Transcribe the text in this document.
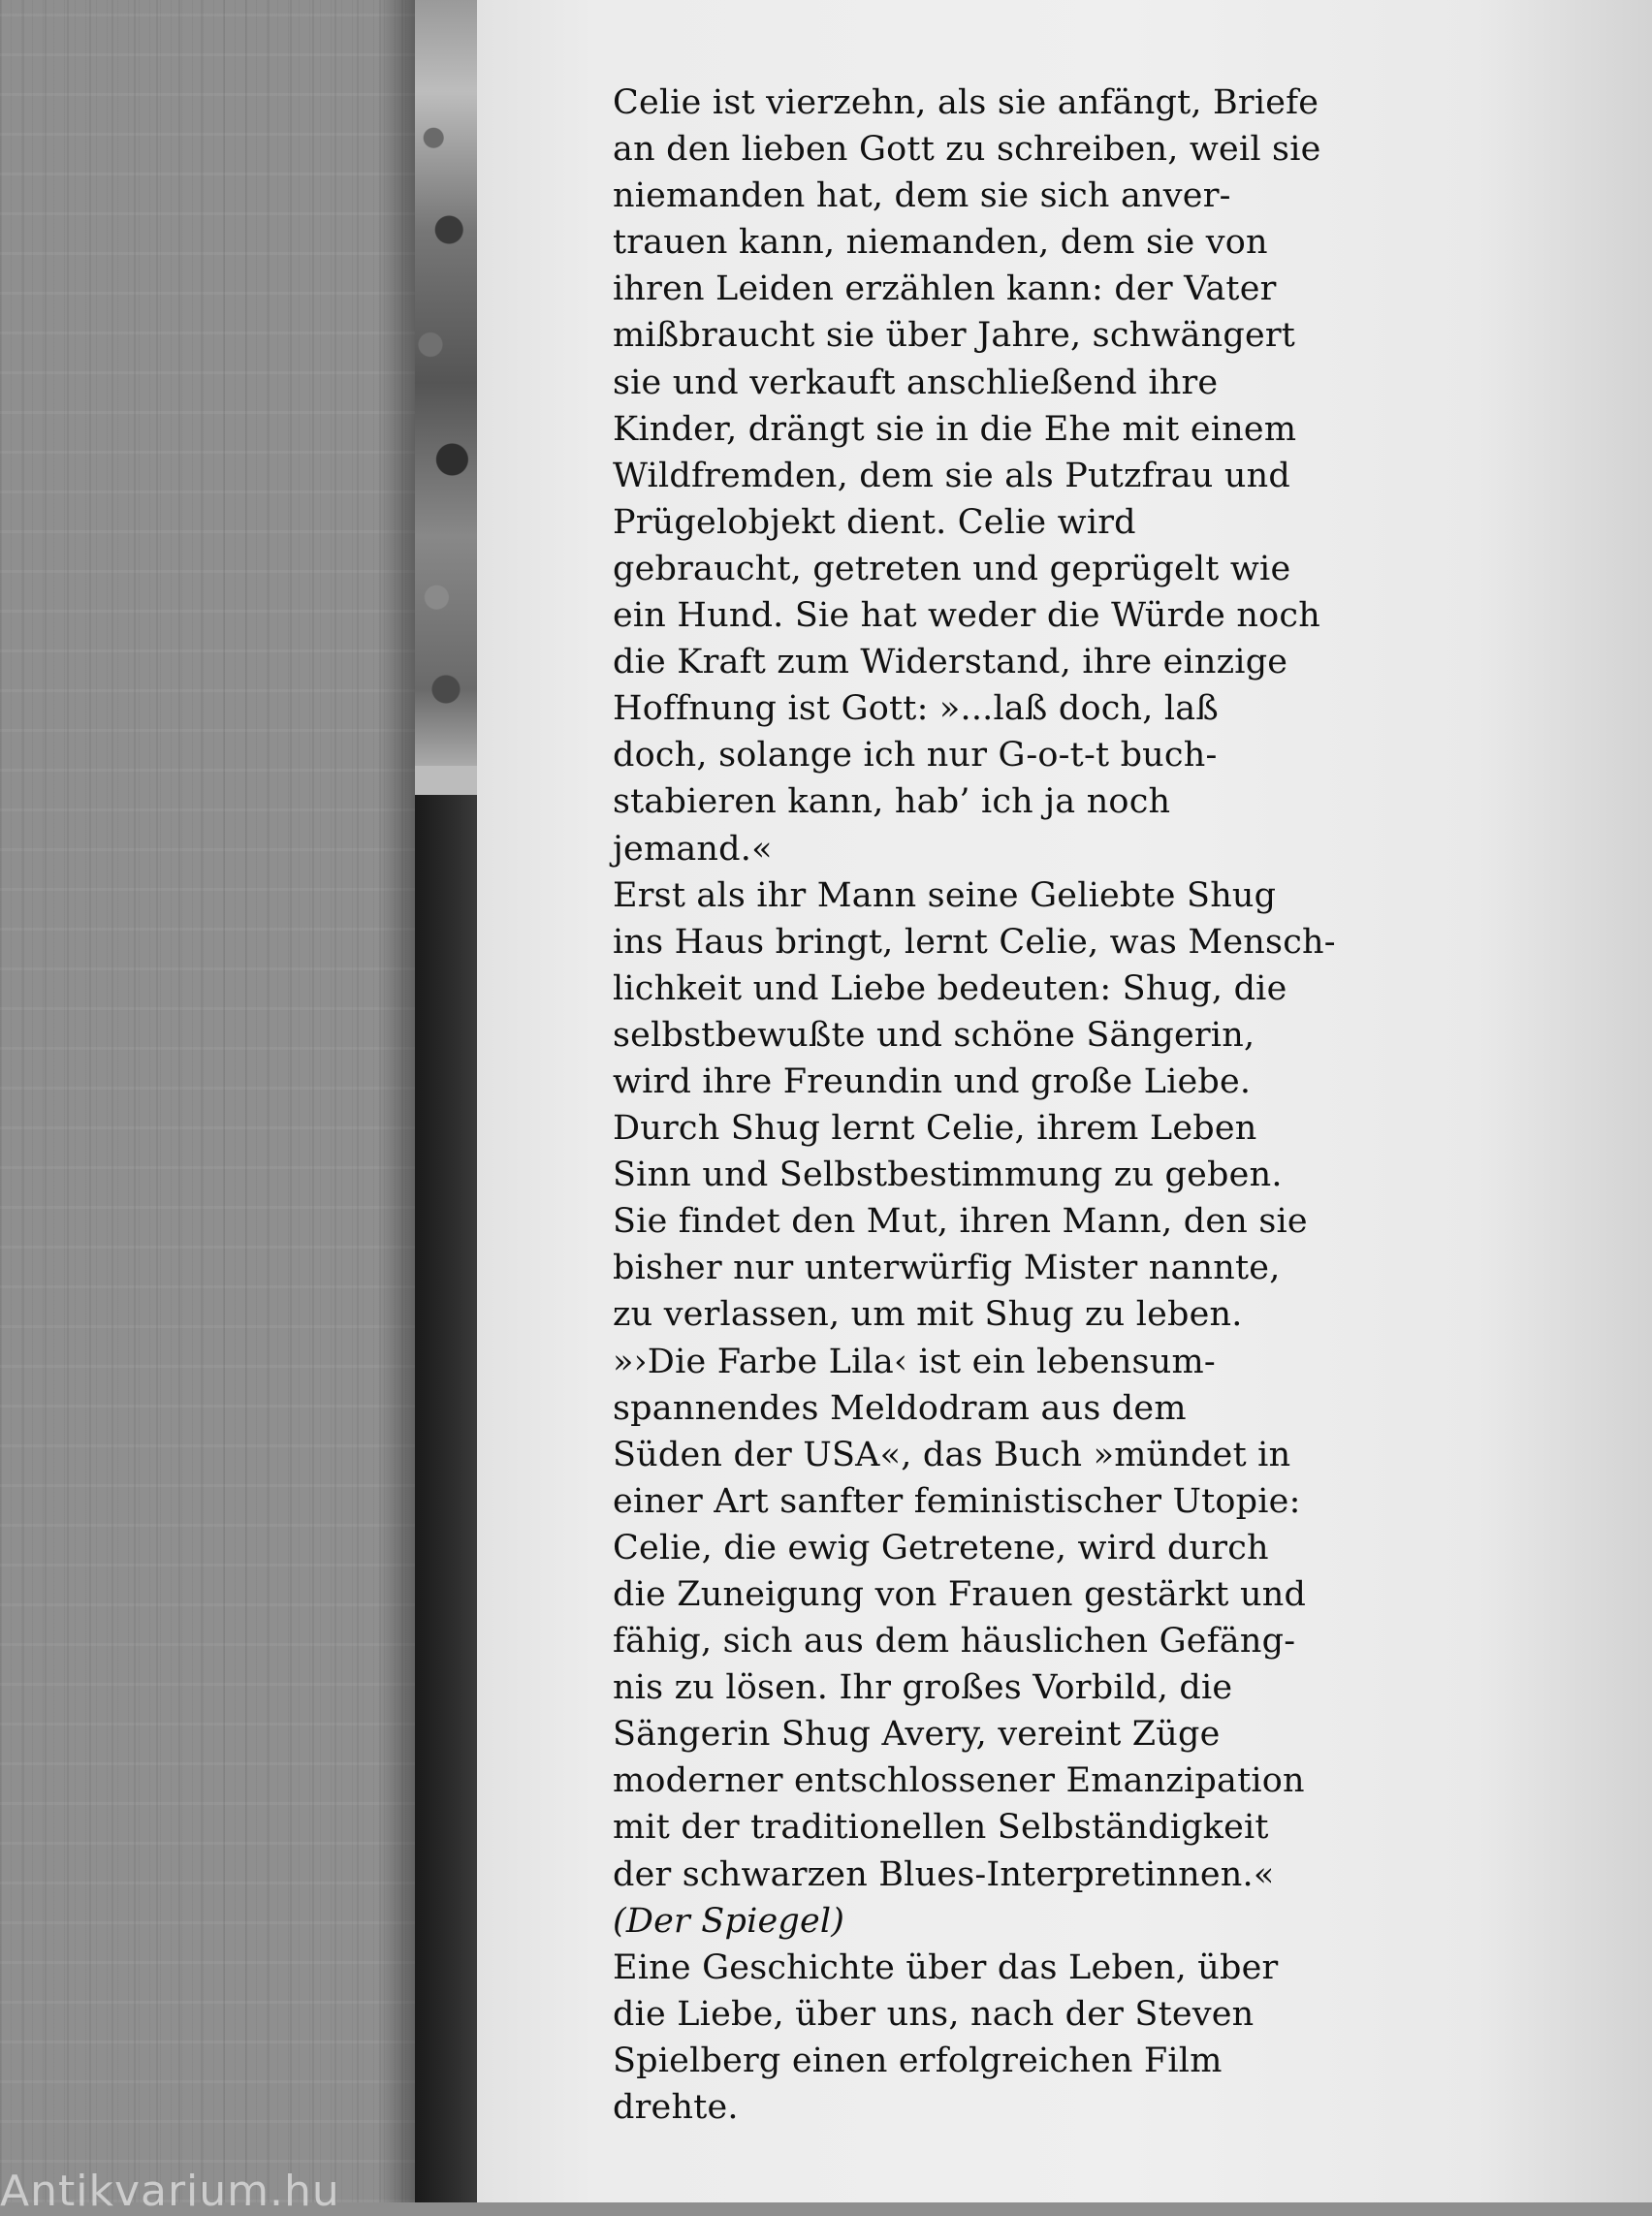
Celie ist vierzehn, als sie anfängt, Briefe
an den lieben Gott zu schreiben, weil sie
niemanden hat, dem sie sich anver-
trauen kann, niemanden, dem sie von
ihren Leiden erzählen kann: der Vater
mißbraucht sie über Jahre, schwängert
sie und verkauft anschließend ihre
Kinder, drängt sie in die Ehe mit einem
Wildfremden, dem sie als Putzfrau und
Prügelobjekt dient. Celie wird
gebraucht, getreten und geprügelt wie
ein Hund. Sie hat weder die Würde noch
die Kraft zum Widerstand, ihre einzige
Hoffnung ist Gott: »...laß doch, laß
doch, solange ich nur G-o-t-t buch-
stabieren kann, hab’ ich ja noch
jemand.«
Erst als ihr Mann seine Geliebte Shug
ins Haus bringt, lernt Celie, was Mensch-
lichkeit und Liebe bedeuten: Shug, die
selbstbewußte und schöne Sängerin,
wird ihre Freundin und große Liebe.
Durch Shug lernt Celie, ihrem Leben
Sinn und Selbstbestimmung zu geben.
Sie findet den Mut, ihren Mann, den sie
bisher nur unterwürfig Mister nannte,
zu verlassen, um mit Shug zu leben.
»›Die Farbe Lila‹ ist ein lebensum-
spannendes Meldodram aus dem
Süden der USA«, das Buch »mündet in
einer Art sanfter feministischer Utopie:
Celie, die ewig Getretene, wird durch
die Zuneigung von Frauen gestärkt und
fähig, sich aus dem häuslichen Gefäng-
nis zu lösen. Ihr großes Vorbild, die
Sängerin Shug Avery, vereint Züge
moderner entschlossener Emanzipation
mit der traditionellen Selbständigkeit
der schwarzen Blues-Interpretinnen.«
(Der Spiegel)
Eine Geschichte über das Leben, über
die Liebe, über uns, nach der Steven
Spielberg einen erfolgreichen Film
drehte.
Antikvarium.hu
